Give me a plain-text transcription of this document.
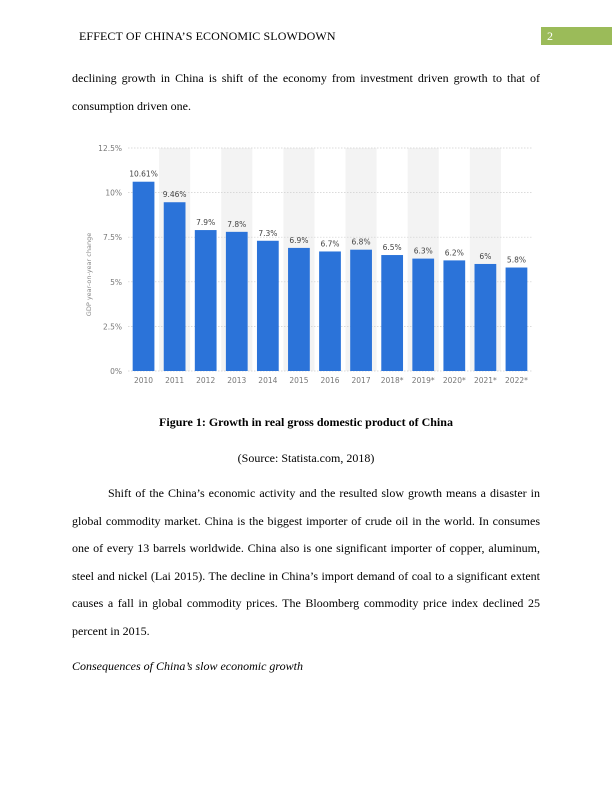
EFFECT OF CHINA’S ECONOMIC SLOWDOWN	2

declining growth in China is shift of the economy from investment driven growth to that of consumption driven one.

0%
2.5%
5%
7.5%
10%
12.5%
GDP year-on-year change
10.61%
2010
9.46%
2011
7.9%
2012
7.8%
2013
7.3%
2014
6.9%
2015
6.7%
2016
6.8%
2017
6.5%
2018*
6.3%
2019*
6.2%
2020*
6%
2021*
5.8%
2022*

Figure 1: Growth in real gross domestic product of China

(Source: Statista.com, 2018)

Shift of the China’s economic activity and the resulted slow growth means a disaster in global commodity market. China is the biggest importer of crude oil in the world. In consumes one of every 13 barrels worldwide. China also is one significant importer of copper, aluminum, steel and nickel (Lai 2015). The decline in China’s import demand of coal to a significant extent causes a fall in global commodity prices. The Bloomberg commodity price index declined 25 percent in 2015.

Consequences of China’s slow economic growth
